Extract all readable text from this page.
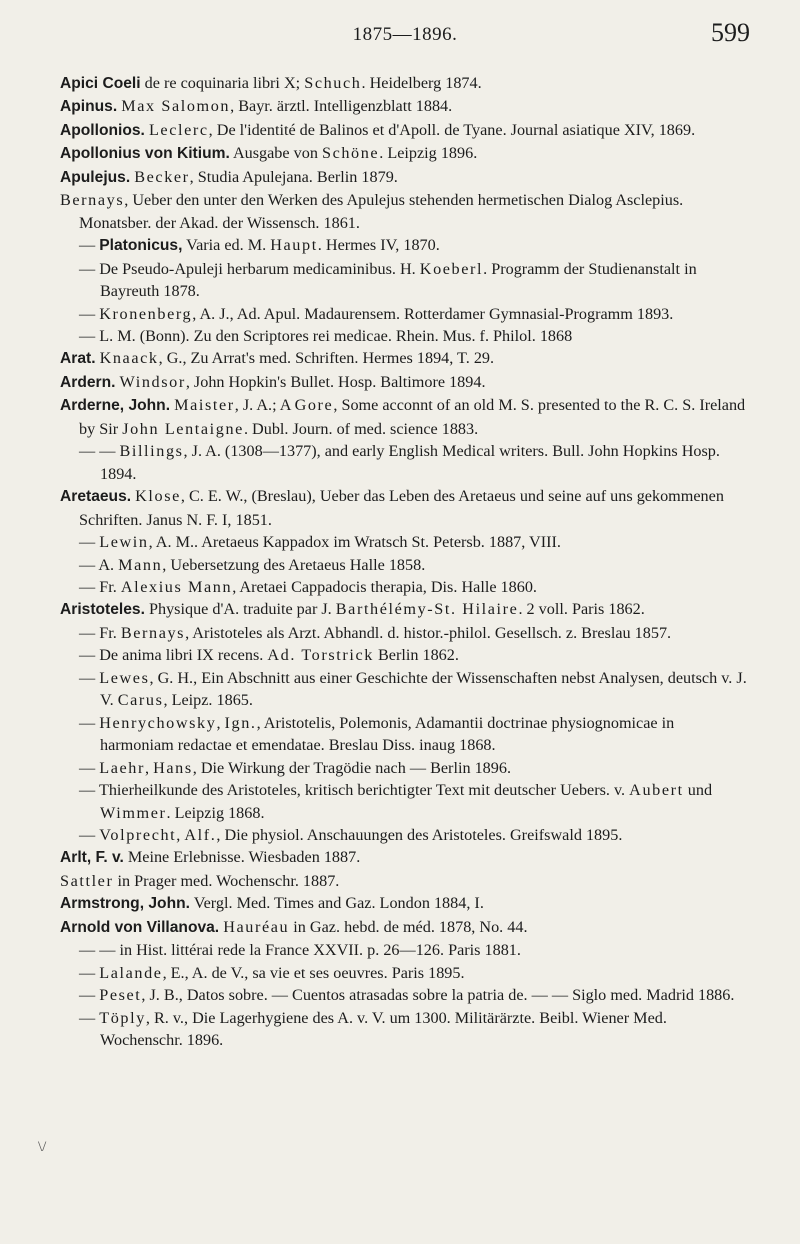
1875—1896.	599
\/

Apici Coeli de re coquinaria libri X; Schuch. Heidelberg 1874.

Apinus. Max Salomon, Bayr. ärztl. Intelligenzblatt 1884.

Apollonios. Leclerc, De l'identité de Balinos et d'Apoll. de Tyane. Journal asiatique XIV, 1869.

Apollonius von Kitium. Ausgabe von Schöne. Leipzig 1896.

Apulejus. Becker, Studia Apulejana. Berlin 1879.

Bernays, Ueber den unter den Werken des Apulejus stehenden hermetischen Dialog Asclepius. Monatsber. der Akad. der Wissensch. 1861.

— Platonicus, Varia ed. M. Haupt. Hermes IV, 1870.

— De Pseudo-Apuleji herbarum medicaminibus. H. Koeberl. Programm der Studienanstalt in Bayreuth 1878.

— Kronenberg, A. J., Ad. Apul. Madaurensem. Rotterdamer Gymnasial-Programm 1893.

— L. M. (Bonn). Zu den Scriptores rei medicae. Rhein. Mus. f. Philol. 1868

Arat. Knaack, G., Zu Arrat's med. Schriften. Hermes 1894, T. 29.

Ardern. Windsor, John Hopkin's Bullet. Hosp. Baltimore 1894.

Arderne, John. Maister, J. A.; A Gore, Some acconnt of an old M. S. presented to the R. C. S. Ireland by Sir John Lentaigne. Dubl. Journ. of med. science 1883.

— — Billings, J. A. (1308—1377), and early English Medical writers. Bull. John Hopkins Hosp. 1894.

Aretaeus. Klose, C. E. W., (Breslau), Ueber das Leben des Aretaeus und seine auf uns gekommenen Schriften. Janus N. F. I, 1851.

— Lewin, A. M.. Aretaeus Kappadox im Wratsch St. Petersb. 1887, VIII.

— A. Mann, Uebersetzung des Aretaeus Halle 1858.

— Fr. Alexius Mann, Aretaei Cappadocis therapia, Dis. Halle 1860.

Aristoteles. Physique d'A. traduite par J. Barthélémy-St. Hilaire. 2 voll. Paris 1862.

— Fr. Bernays, Aristoteles als Arzt. Abhandl. d. histor.-philol. Gesellsch. z. Breslau 1857.

— De anima libri IX recens. Ad. Torstrick Berlin 1862.

— Lewes, G. H., Ein Abschnitt aus einer Geschichte der Wissenschaften nebst Analysen, deutsch v. J. V. Carus, Leipz. 1865.

— Henrychowsky, Ign., Aristotelis, Polemonis, Adamantii doctrinae physiognomicae in harmoniam redactae et emendatae. Breslau Diss. inaug 1868.

— Laehr, Hans, Die Wirkung der Tragödie nach — Berlin 1896.

— Thierheilkunde des Aristoteles, kritisch berichtigter Text mit deutscher Uebers. v. Aubert und Wimmer. Leipzig 1868.

— Volprecht, Alf., Die physiol. Anschauungen des Aristoteles. Greifswald 1895.

Arlt, F. v. Meine Erlebnisse. Wiesbaden 1887.

Sattler in Prager med. Wochenschr. 1887.

Armstrong, John. Vergl. Med. Times and Gaz. London 1884, I.

Arnold von Villanova. Hauréau in Gaz. hebd. de méd. 1878, No. 44.

— — in Hist. littérai rede la France XXVII. p. 26—126. Paris 1881.

— Lalande, E., A. de V., sa vie et ses oeuvres. Paris 1895.

— Peset, J. B., Datos sobre. — Cuentos atrasadas sobre la patria de. — — Siglo med. Madrid 1886.

— Töply, R. v., Die Lagerhygiene des A. v. V. um 1300. Militärärzte. Beibl. Wiener Med. Wochenschr. 1896.
